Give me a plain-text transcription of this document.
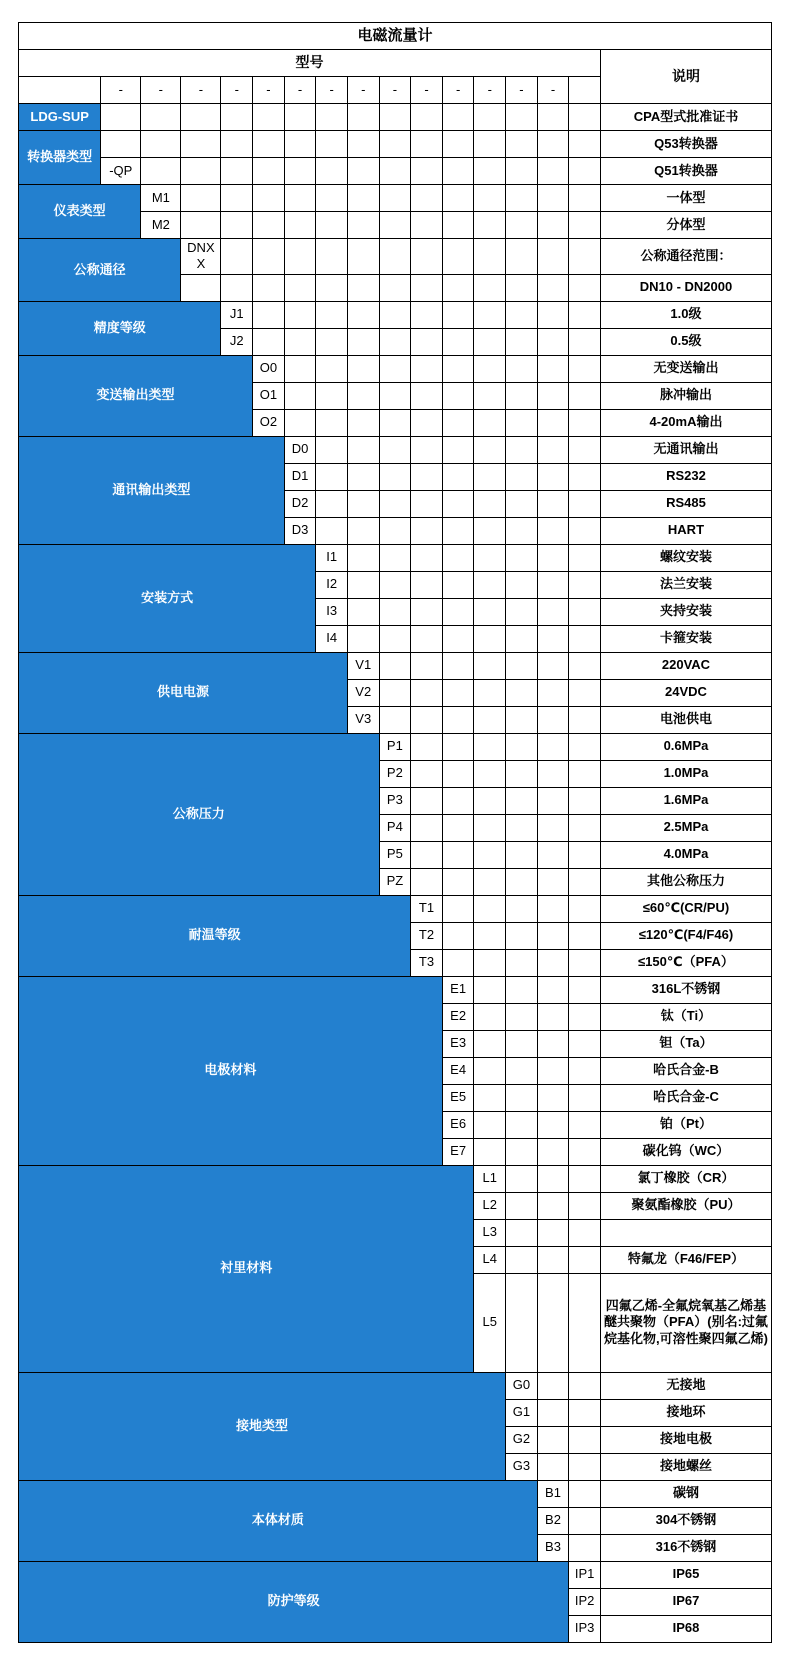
电磁流量计																
型号																说明
	-	-	-	-	-	-	-	-	-	-	-	-	-	-		
LDG-SUP																CPA型式批准证书
转换器类型																Q53转换器
	-QP															Q51转换器
仪表类型		M1														一体型
		M2														分体型
公称通径			DNXX													公称通径范围：
																DN10 - DN2000
精度等级				J1												1.0级
				J2												0.5级
变送输出类型					O0											无变送输出
					O1											脉冲输出
					O2											4-20mA输出
通讯输出类型						D0										无通讯输出
						D1										RS232
						D2										RS485
						D3										HART
安装方式							I1									螺纹安装
							I2									法兰安装
							I3									夹持安装
							I4									卡箍安装
供电电源								V1								220VAC
								V2								24VDC
								V3								电池供电
公称压力									P1							0.6MPa
									P2							1.0MPa
									P3							1.6MPa
									P4							2.5MPa
									P5							4.0MPa
									PZ							其他公称压力
耐温等级										T1						≤60℃(CR/PU)
										T2						≤120℃(F4/F46)
										T3						≤150℃（PFA）
电极材料											E1					316L不锈钢
											E2					钛（Ti）
											E3					钽（Ta）
											E4					哈氏合金-B
											E5					哈氏合金-C
											E6					铂（Pt）
											E7					碳化钨（WC）
衬里材料												L1				氯丁橡胶（CR）
												L2				聚氨酯橡胶（PU）
												L3				
												L4				特氟龙（F46/FEP）
												L5				四氟乙烯-全氟烷氧基乙烯基醚共聚物（PFA）(别名:过氟烷基化物,可溶性聚四氟乙烯)
接地类型													G0			无接地
													G1			接地环
													G2			接地电极
													G3			接地螺丝
本体材质														B1		碳钢
														B2		304不锈钢
														B3		316不锈钢
防护等级															IP1	IP65
															IP2	IP67
															IP3	IP68
